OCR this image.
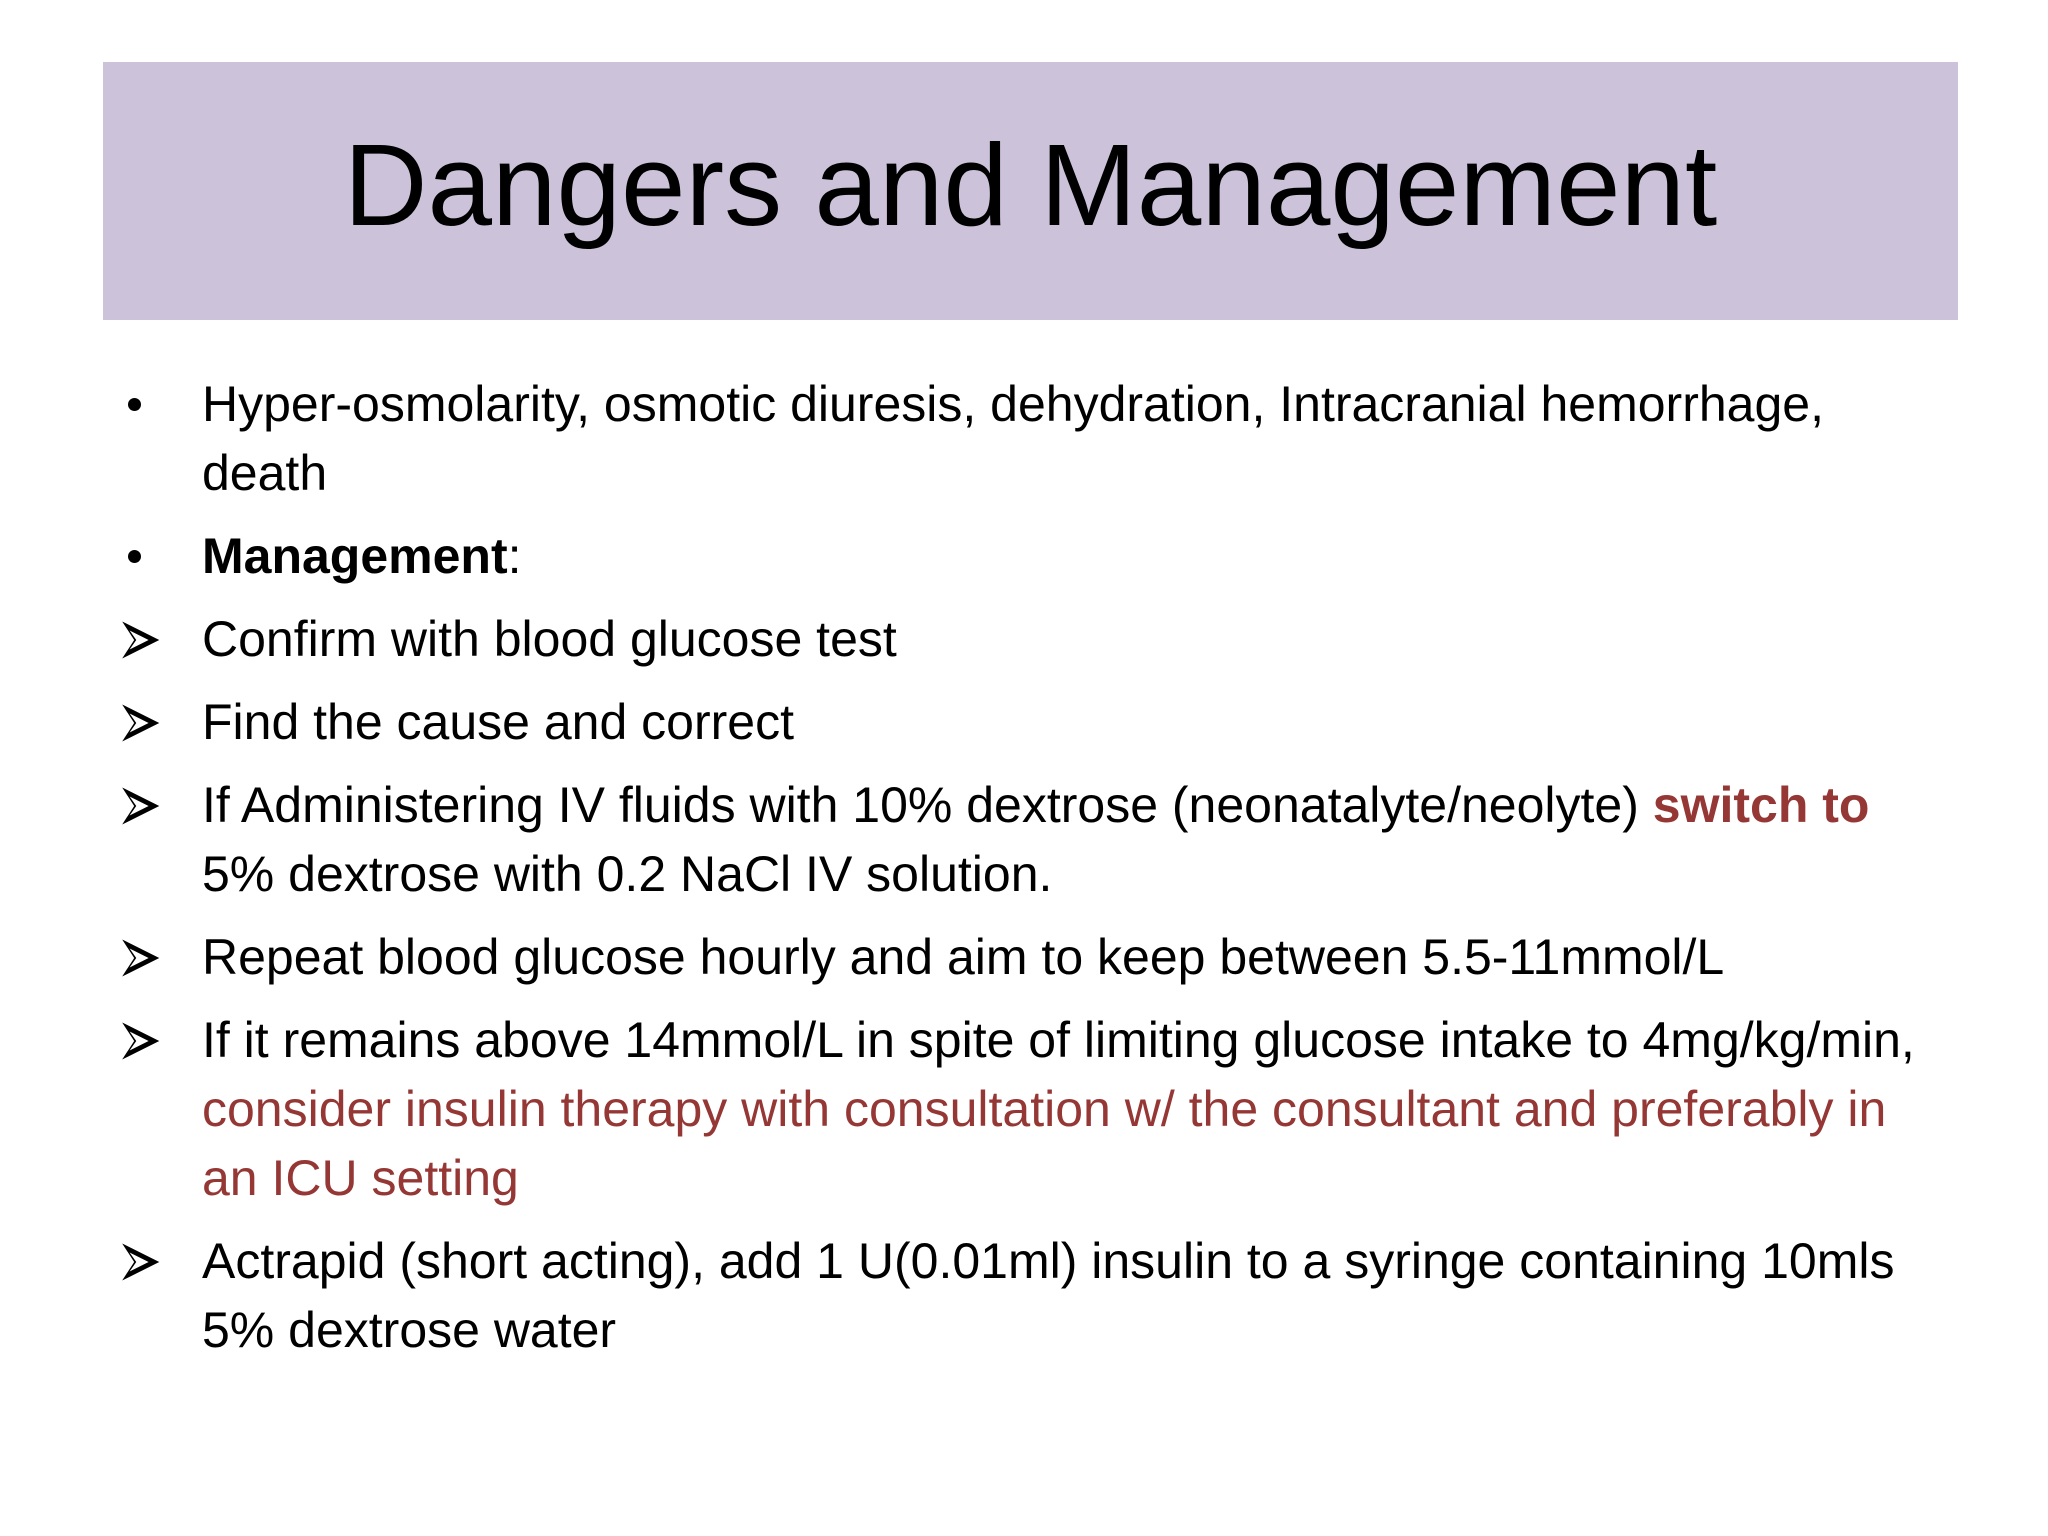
Dangers and Management
Hyper-osmolarity, osmotic diuresis, dehydration, Intracranial hemorrhage, death
Management:
Confirm with blood glucose test
Find the cause and correct
If Administering IV fluids with 10% dextrose (neonatalyte/neolyte) switch to 5% dextrose with 0.2 NaCl IV solution.
Repeat blood glucose hourly and aim to keep between 5.5-11mmol/L
If it remains above 14mmol/L in spite of limiting glucose intake to 4mg/kg/min, consider insulin therapy with consultation w/ the consultant and preferably in an ICU setting
Actrapid (short acting), add 1 U(0.01ml) insulin to a syringe containing 10mls 5% dextrose water
